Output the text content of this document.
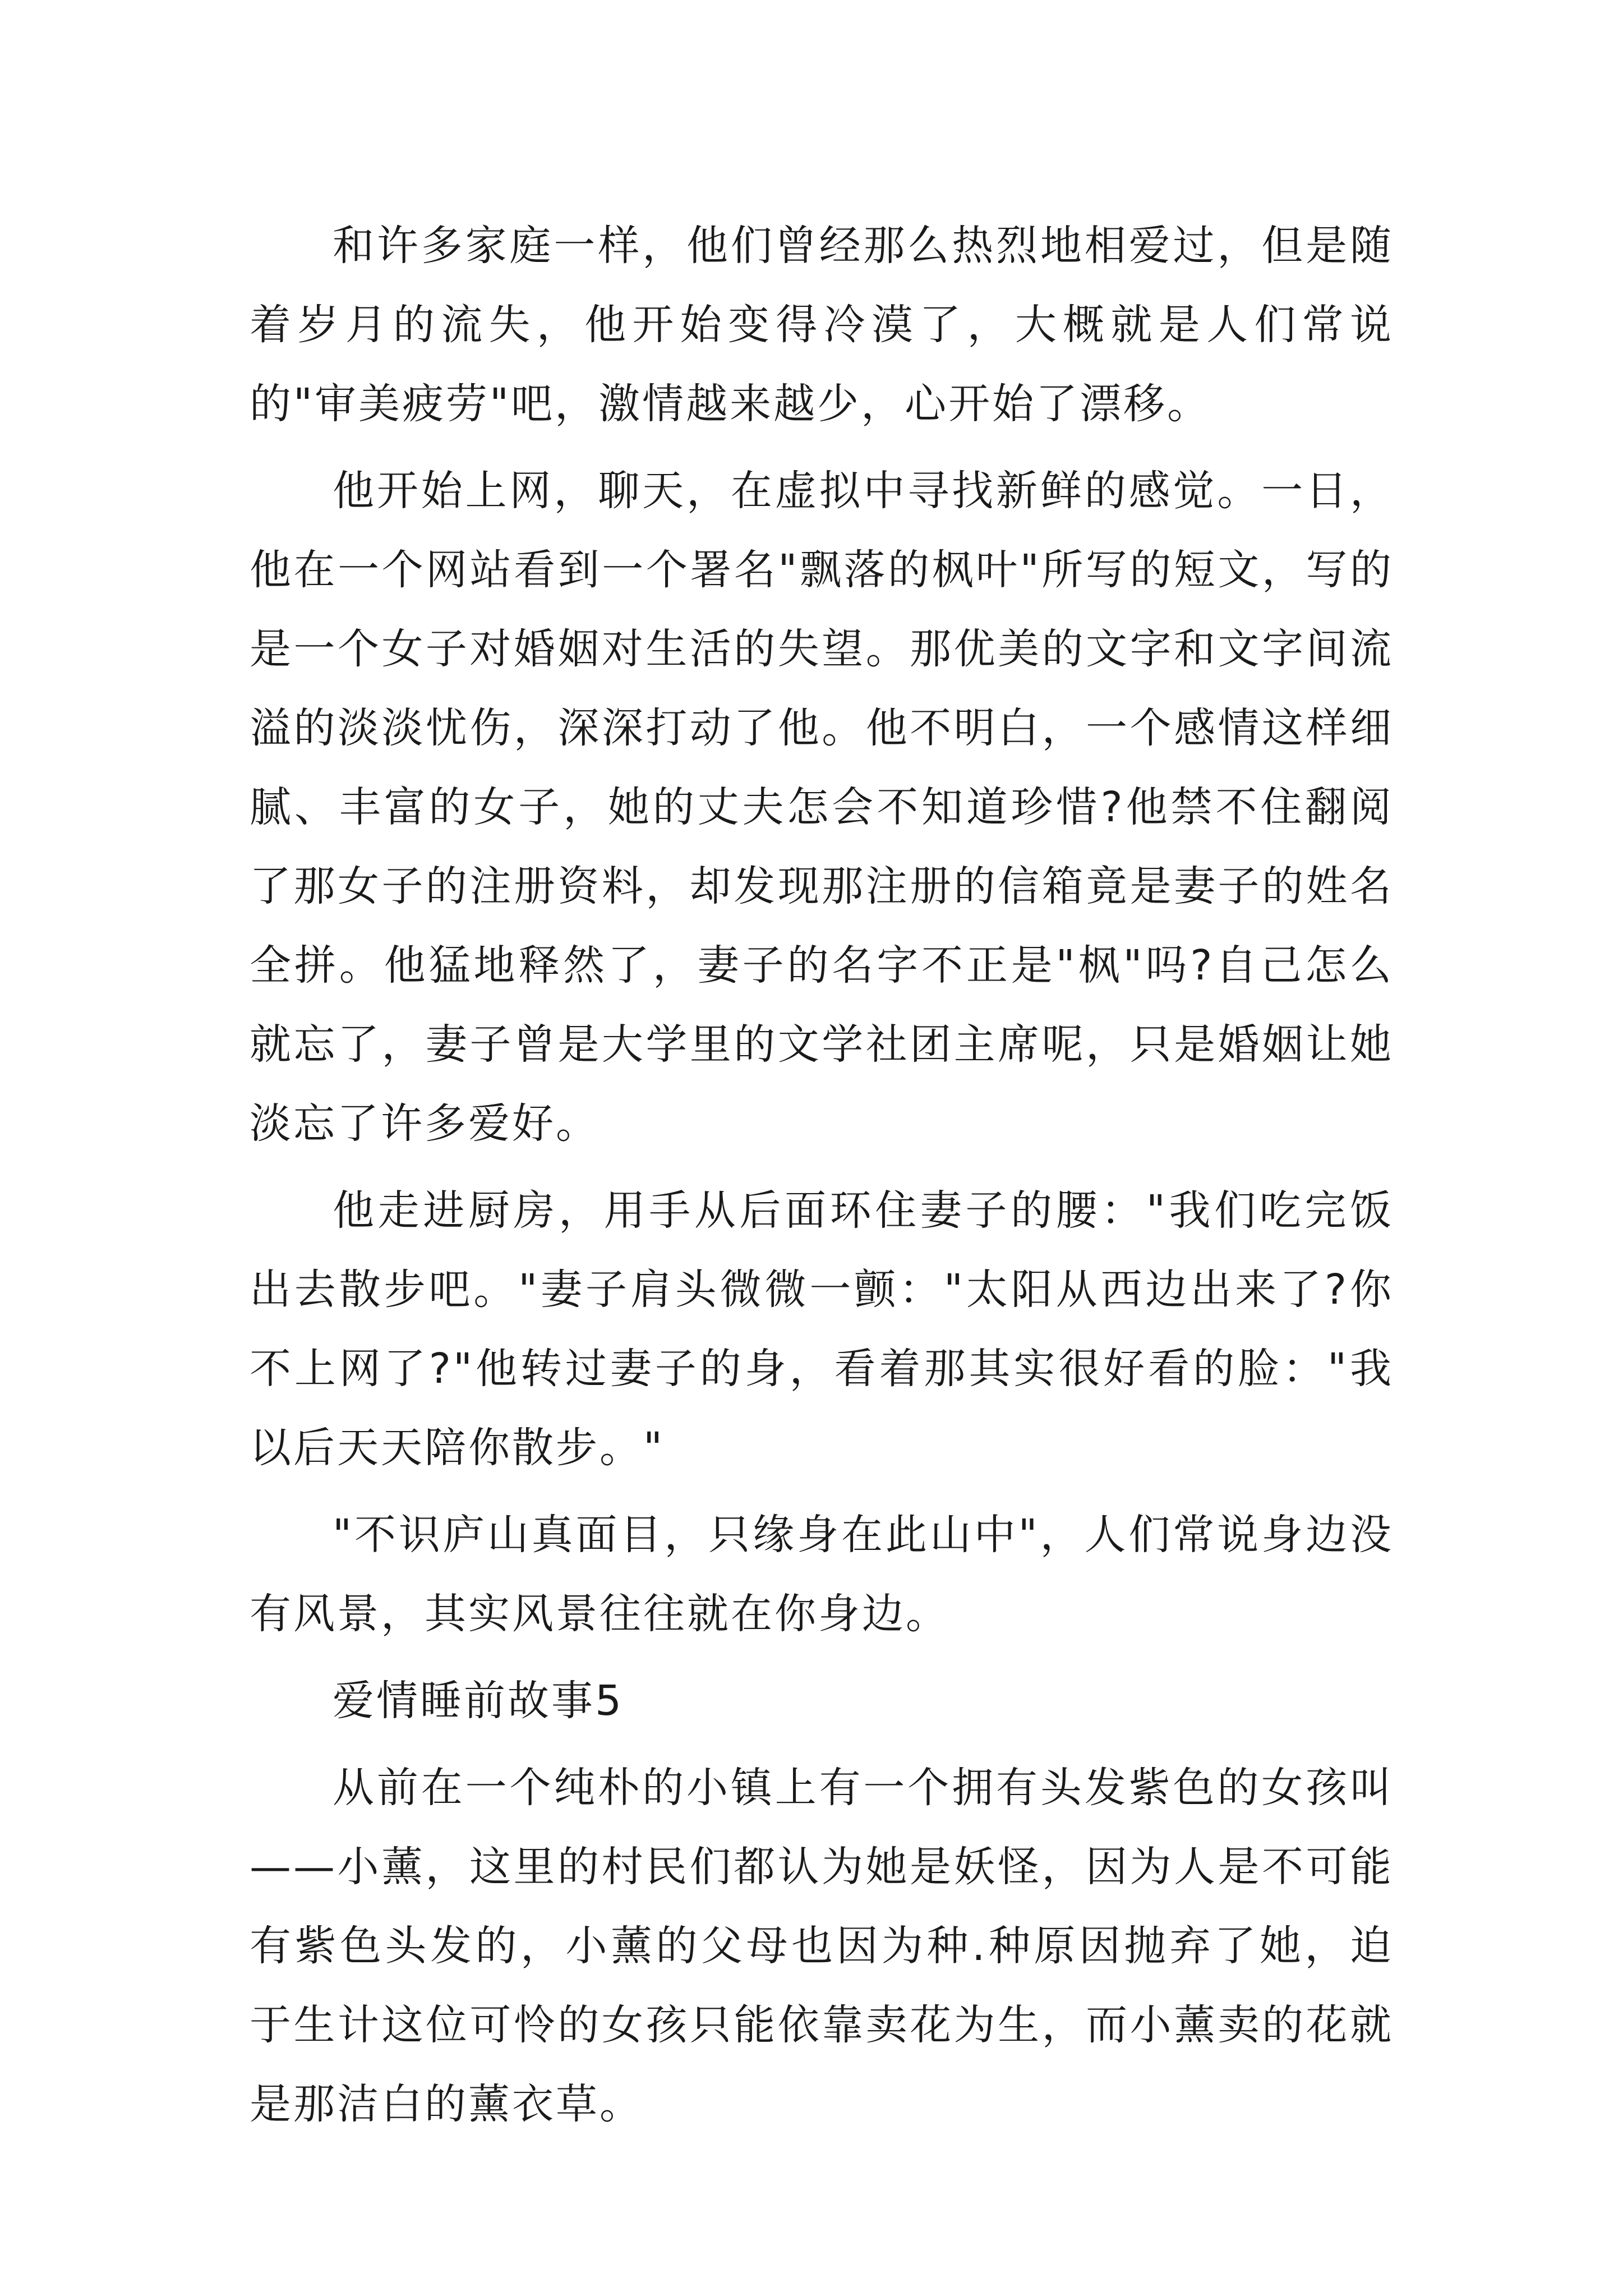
和许多家庭一样，他们曾经那么热烈地相爱过，但是随着岁月的流失，他开始变得冷漠了，大概就是人们常说的"审美疲劳"吧，激情越来越少，心开始了漂移。

他开始上网，聊天，在虚拟中寻找新鲜的感觉。一日，他在一个网站看到一个署名"飘落的枫叶"所写的短文，写的是一个女子对婚姻对生活的失望。那优美的文字和文字间流溢的淡淡忧伤，深深打动了他。他不明白，一个感情这样细腻、丰富的女子，她的丈夫怎会不知道珍惜?他禁不住翻阅了那女子的注册资料，却发现那注册的信箱竟是妻子的姓名全拼。他猛地释然了，妻子的名字不正是"枫"吗?自己怎么就忘了，妻子曾是大学里的文学社团主席呢，只是婚姻让她淡忘了许多爱好。

他走进厨房，用手从后面环住妻子的腰："我们吃完饭出去散步吧。"妻子肩头微微一颤："太阳从西边出来了?你不上网了?"他转过妻子的身，看着那其实很好看的脸："我以后天天陪你散步。"

"不识庐山真面目，只缘身在此山中"，人们常说身边没有风景，其实风景往往就在你身边。

爱情睡前故事5

从前在一个纯朴的小镇上有一个拥有头发紫色的女孩叫——小薰，这里的村民们都认为她是妖怪，因为人是不可能有紫色头发的，小薰的父母也因为种.种原因抛弃了她，迫于生计这位可怜的女孩只能依靠卖花为生，而小薰卖的花就是那洁白的薰衣草。
